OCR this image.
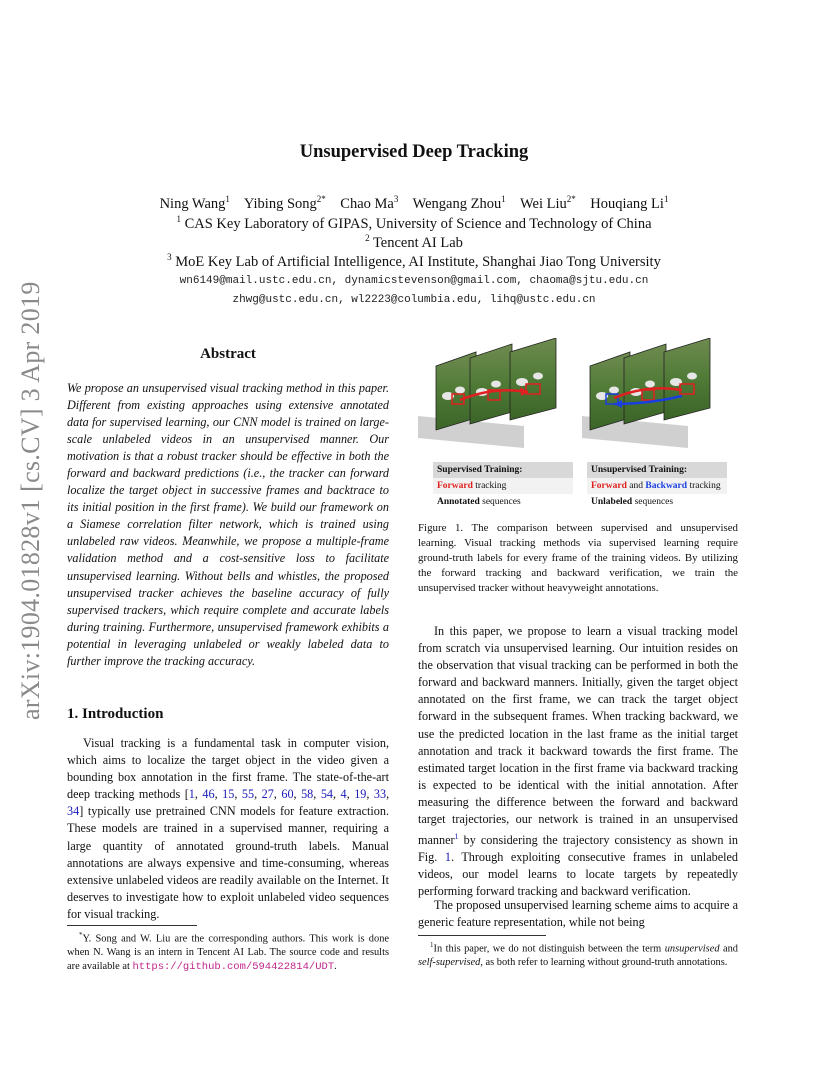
Unsupervised Deep Tracking
Ning Wang$^1$ Yibing Song$^{2*}$ Chao Ma$^3$ Wengang Zhou$^1$ Wei Liu$^{2*}$ Houqiang Li$^1$
$^1$ CAS Key Laboratory of GIPAS, University of Science and Technology of China
$^2$ Tencent AI Lab
$^3$ MoE Key Lab of Artificial Intelligence, AI Institute, Shanghai Jiao Tong University
wn6149@mail.ustc.edu.cn, dynamicstevenson@gmail.com, chaoma@sjtu.edu.cn
zhwg@ustc.edu.cn, wl2223@columbia.edu, lihq@ustc.edu.cn
arXiv:1904.01828v1 [cs.CV] 3 Apr 2019	Abstract
We propose an unsupervised visual tracking method in this paper. Different from existing approaches using extensive annotated data for supervised learning, our CNN model is trained on large-scale unlabeled videos in an unsupervised manner. Our motivation is that a robust tracker should be effective in both the forward and backward predictions (i.e., the tracker can forward localize the target object in successive frames and backtrace to its initial position in the first frame). We build our framework on a Siamese correlation filter network, which is trained using unlabeled raw videos. Meanwhile, we propose a multiple-frame validation method and a cost-sensitive loss to facilitate unsupervised learning. Without bells and whistles, the proposed unsupervised tracker achieves the baseline accuracy of fully supervised trackers, which require complete and accurate labels during training. Furthermore, unsupervised framework exhibits a potential in leveraging unlabeled or weakly labeled data to further improve the tracking accuracy.
1. Introduction
Visual tracking is a fundamental task in computer vision, which aims to localize the target object in the video given a bounding box annotation in the first frame. The state-of-the-art deep tracking methods [1, 46, 15, 55, 27, 60, 58, 54, 4, 19, 33, 34] typically use pretrained CNN models for feature extraction. These models are trained in a supervised manner, requiring a large quantity of annotated ground-truth labels. Manual annotations are always expensive and time-consuming, whereas extensive unlabeled videos are readily available on the Internet. It deserves to investigate how to exploit unlabeled video sequences for visual tracking.
*Y. Song and W. Liu are the corresponding authors. This work is done when N. Wang is an intern in Tencent AI Lab. The source code and results are available at https://github.com/594422814/UDT.
Supervised Training:
Forward tracking
Annotated sequences
Unsupervised Training:
Forward and Backward tracking
Unlabeled sequences
Figure 1. The comparison between supervised and unsupervised learning. Visual tracking methods via supervised learning require ground-truth labels for every frame of the training videos. By utilizing the forward tracking and backward verification, we train the unsupervised tracker without heavyweight annotations.
In this paper, we propose to learn a visual tracking model from scratch via unsupervised learning. Our intuition resides on the observation that visual tracking can be performed in both the forward and backward manners. Initially, given the target object annotated on the first frame, we can track the target object forward in the subsequent frames. When tracking backward, we use the predicted location in the last frame as the initial target annotation and track it backward towards the first frame. The estimated target location in the first frame via backward tracking is expected to be identical with the initial annotation. After measuring the difference between the forward and backward target trajectories, our network is trained in an unsupervised manner$^1$ by considering the trajectory consistency as shown in Fig. 1. Through exploiting consecutive frames in unlabeled videos, our model learns to locate targets by repeatedly performing forward tracking and backward verification.
The proposed unsupervised learning scheme aims to acquire a generic feature representation, while not being
$^1$In this paper, we do not distinguish between the term unsupervised and self-supervised, as both refer to learning without ground-truth annotations.
